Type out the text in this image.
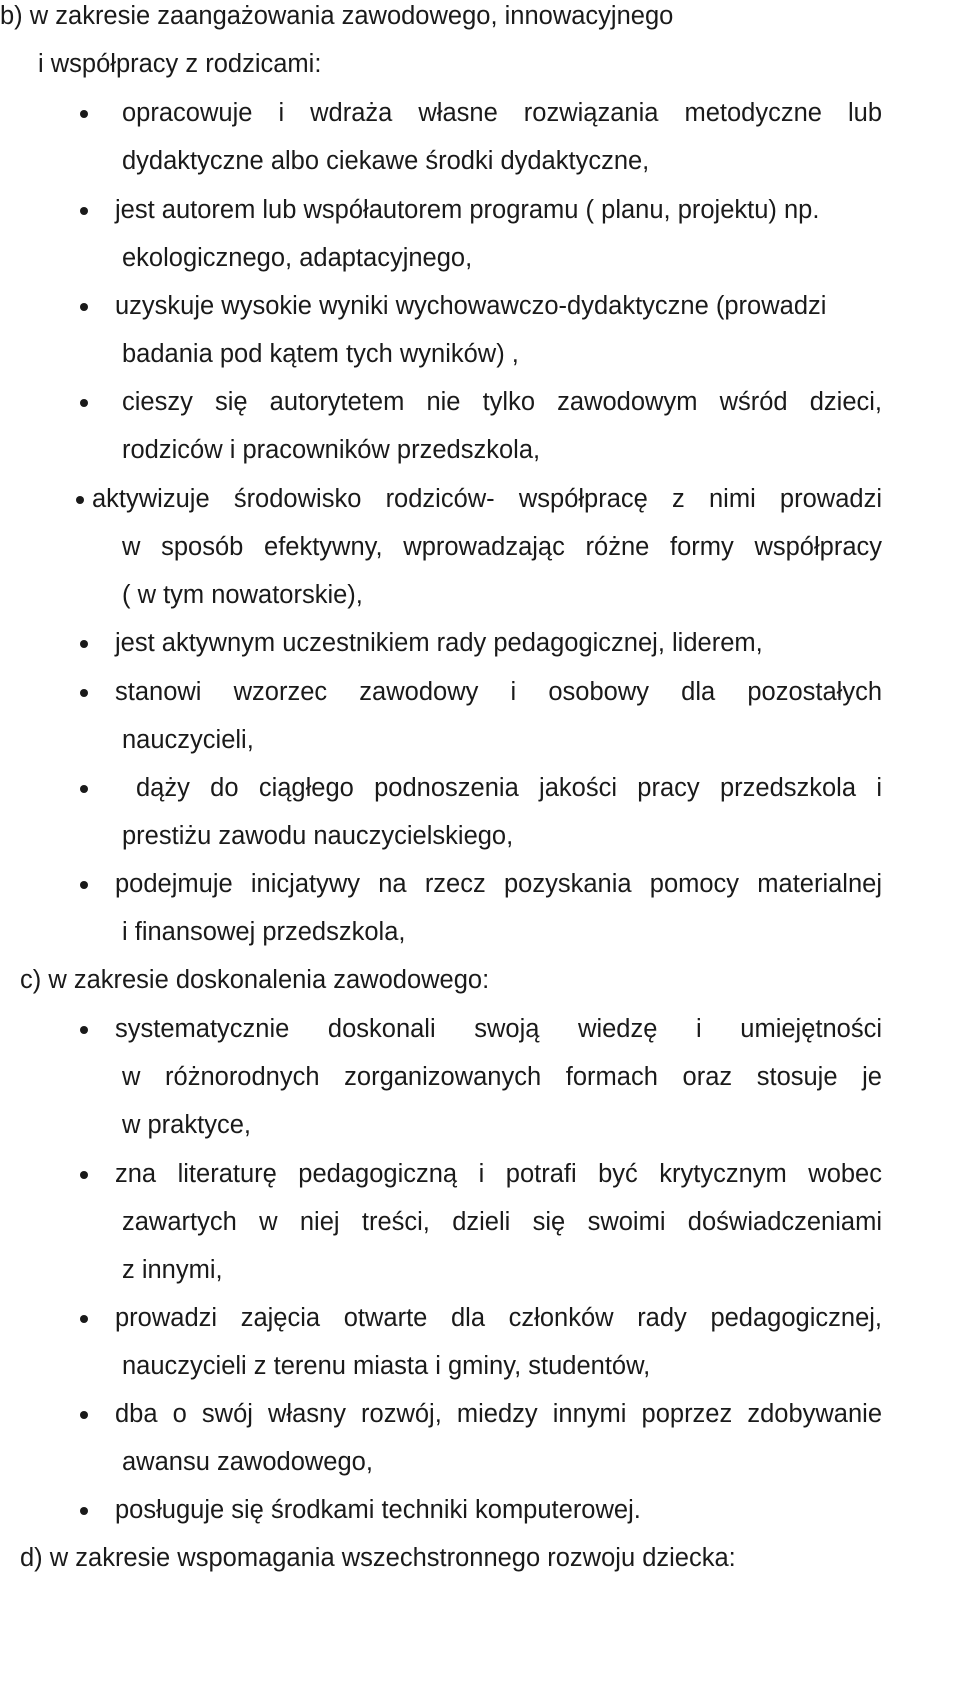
b) w zakresie zaangażowania zawodowego, innowacyjnego
i współpracy z rodzicami:
opracowuje i wdraża własne rozwiązania metodyczne lub
dydaktyczne albo ciekawe środki dydaktyczne,
jest autorem lub współautorem programu ( planu, projektu) np.
ekologicznego, adaptacyjnego,
uzyskuje wysokie wyniki wychowawczo-dydaktyczne (prowadzi
badania pod kątem tych wyników) ,
cieszy się autorytetem nie tylko zawodowym wśród dzieci,
rodziców i pracowników przedszkola,
aktywizuje środowisko rodziców- współpracę z nimi prowadzi
w sposób efektywny, wprowadzając różne formy współpracy
( w tym nowatorskie),
jest aktywnym uczestnikiem rady pedagogicznej, liderem,
stanowi wzorzec zawodowy i osobowy dla pozostałych
nauczycieli,
dąży do ciągłego podnoszenia jakości pracy przedszkola i
prestiżu zawodu nauczycielskiego,
podejmuje inicjatywy na rzecz pozyskania pomocy materialnej
i finansowej przedszkola,
c) w zakresie doskonalenia zawodowego:
systematycznie doskonali swoją wiedzę i umiejętności
w różnorodnych zorganizowanych formach oraz stosuje je
w praktyce,
zna literaturę pedagogiczną i potrafi być krytycznym wobec
zawartych w niej treści, dzieli się swoimi doświadczeniami
z innymi,
prowadzi zajęcia otwarte dla członków rady pedagogicznej,
nauczycieli z terenu miasta i gminy, studentów,
dba o swój własny rozwój, miedzy innymi poprzez zdobywanie
awansu zawodowego,
posługuje się środkami techniki komputerowej.
d) w zakresie wspomagania wszechstronnego rozwoju dziecka:
